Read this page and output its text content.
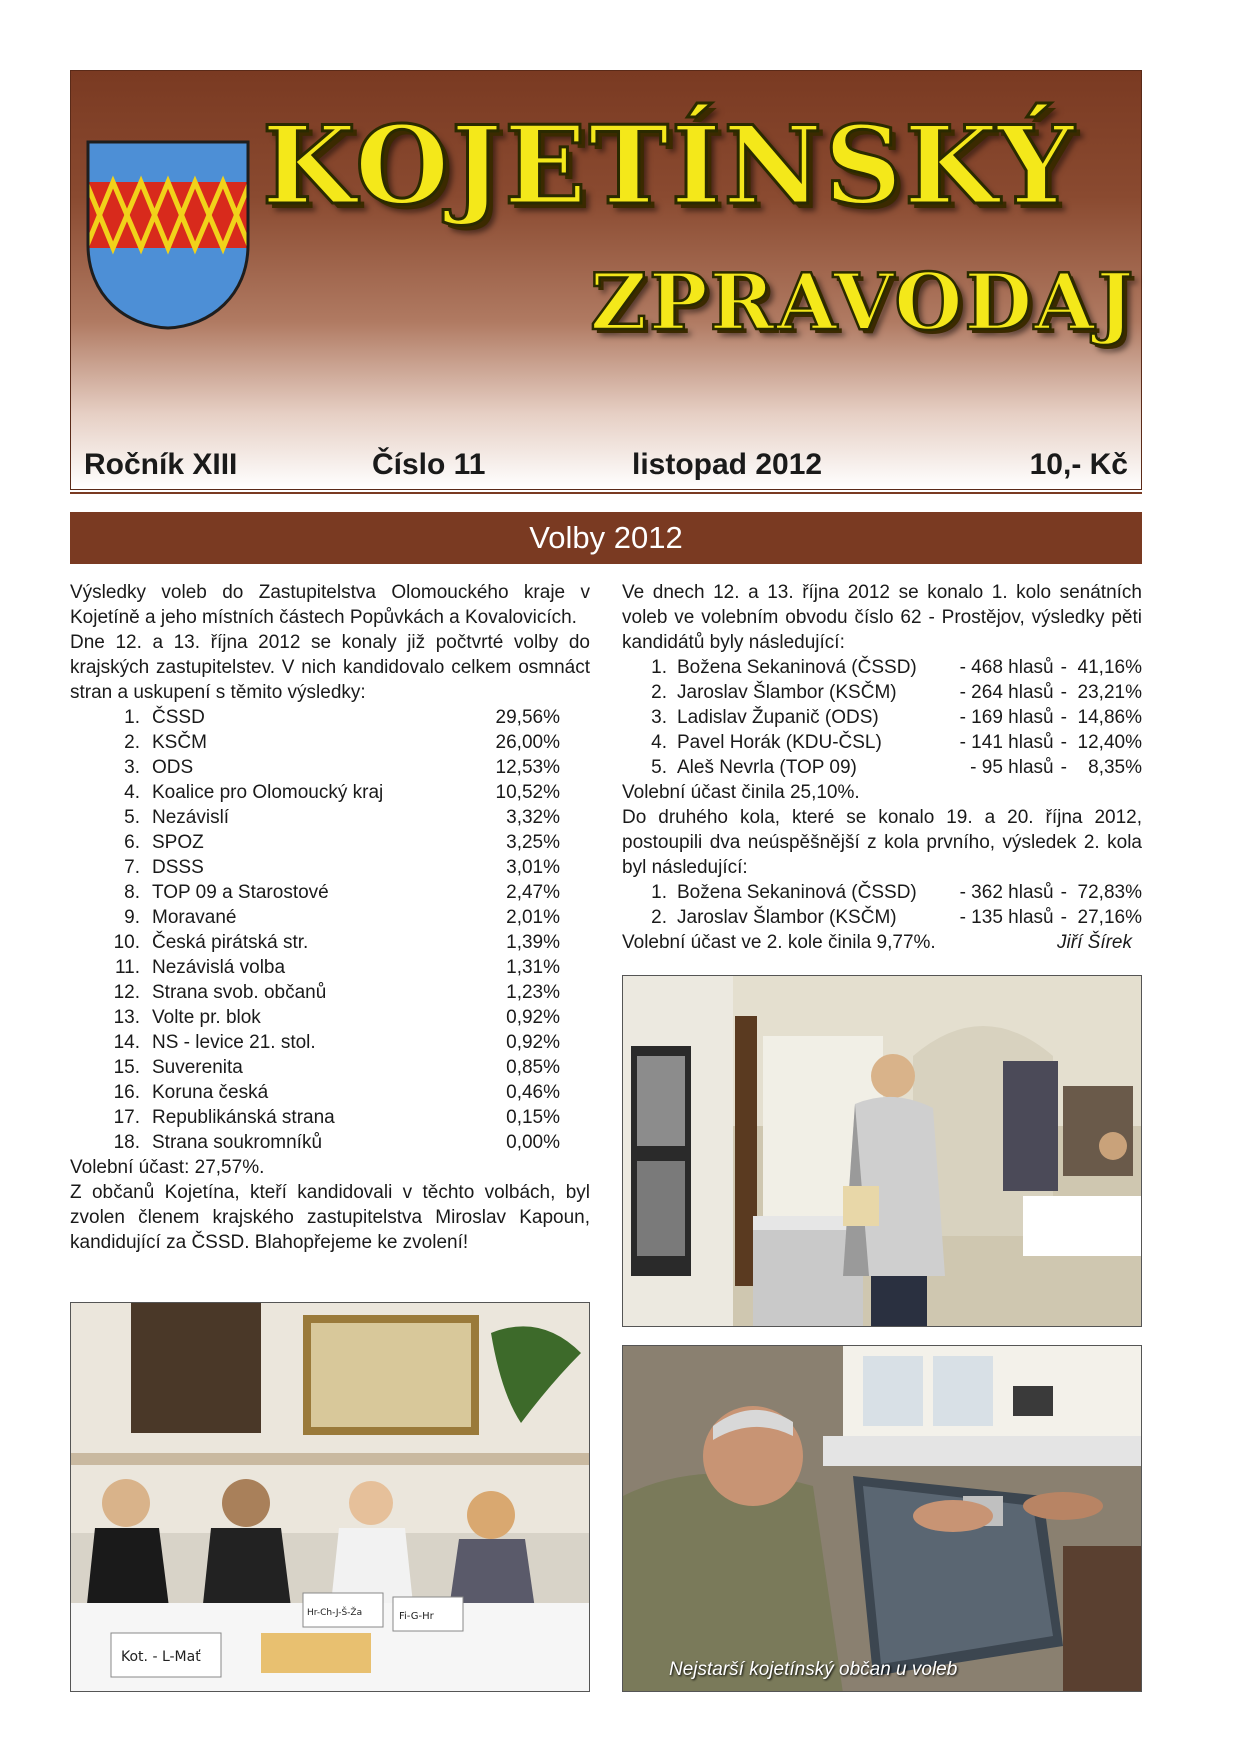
KOJETÍNSKÝ
ZPRAVODAJ
Ročník XIII	Číslo 11	listopad 2012	10,- Kč
Volby 2012

Výsledky voleb do Zastupitelstva Olomouckého kraje v Kojetíně a jeho místních částech Popůvkách a Kovalovicích.

Dne 12. a 13. října 2012 se konaly již počtvrté volby do krajských zastupitelstev. V nich kandidovalo celkem osmnáct stran a uskupení s těmito výsledky:

1.	ČSSD	29,56%
2.	KSČM	26,00%
3.	ODS	12,53%
4.	Koalice pro Olomoucký kraj	10,52%
5.	Nezávislí	3,32%
6.	SPOZ	3,25%
7.	DSSS	3,01%
8.	TOP 09 a Starostové	2,47%
9.	Moravané	2,01%
10.	Česká pirátská str.	1,39%
11.	Nezávislá volba	1,31%
12.	Strana svob. občanů	1,23%
13.	Volte pr. blok	0,92%
14.	NS - levice 21. stol.	0,92%
15.	Suverenita	0,85%
16.	Koruna česká	0,46%
17.	Republikánská strana	0,15%
18.	Strana soukromníků	0,00%

Volební účast: 27,57%.

Z občanů Kojetína, kteří kandidovali v těchto volbách, byl zvolen členem krajského zastupitelstva Miroslav Kapoun, kandidující za ČSSD. Blahopřejeme ke zvolení!

Ve dnech 12. a 13. října 2012 se konalo 1. kolo senátních voleb ve volebním obvodu číslo 62 - Prostějov, výsledky pěti kandidátů byly následující:

1.	Božena Sekaninová (ČSSD)	- 468 hlasů	-	41,16%
2.	Jaroslav Šlambor (KSČM)	- 264 hlasů	-	23,21%
3.	Ladislav Županič (ODS)	- 169 hlasů	-	14,86%
4.	Pavel Horák (KDU-ČSL)	- 141 hlasů	-	12,40%
5.	Aleš Nevrla (TOP 09)	- 95 hlasů	-	8,35%

Volební účast činila 25,10%.

Do druhého kola, které se konalo 19. a 20. října 2012, postoupili dva neúspěšnější z kola prvního, výsledek 2. kola byl následující:

1.	Božena Sekaninová (ČSSD)	- 362 hlasů	-	72,83%
2.	Jaroslav Šlambor (KSČM)	- 135 hlasů	-	27,16%
Volební účast ve 2. kole činila 9,77%.	Jiří Šírek
Kot. - L-Mať
Hr-Ch-J-Š-Ža	Fi-G-Hr
Nejstarší kojetínský občan u voleb
